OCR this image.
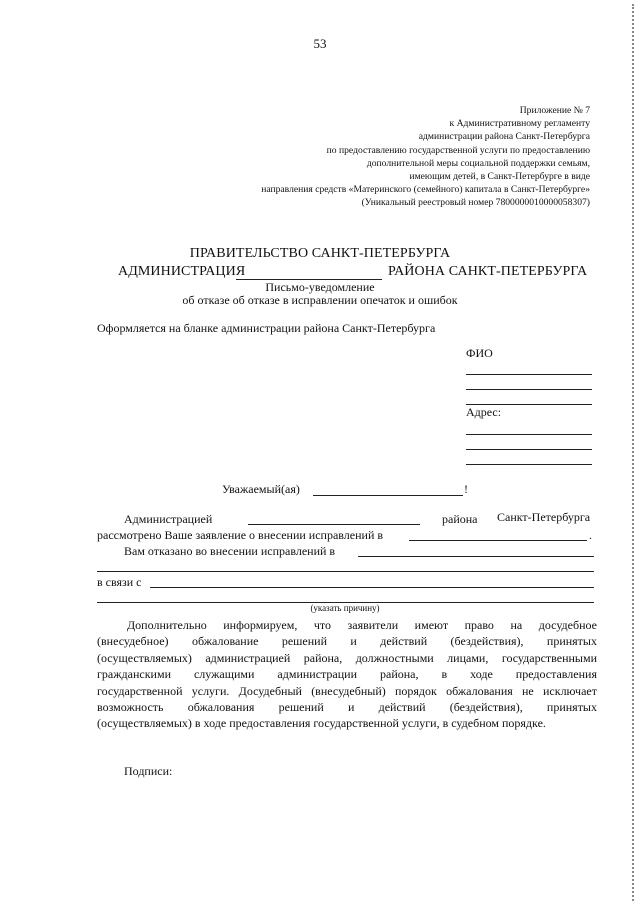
53
Приложение № 7
к Административному регламенту
администрации района Санкт-Петербурга
по предоставлению государственной услуги по предоставлению
дополнительной меры социальной поддержки семьям,
имеющим детей, в Санкт-Петербурге в виде
направления средств «Материнского (семейного) капитала в Санкт-Петербурге»
(Уникальный реестровый номер 7800000010000058307)
ПРАВИТЕЛЬСТВО САНКТ-ПЕТЕРБУРГА
АДМИНИСТРАЦИЯ	РАЙОНА САНКТ-ПЕТЕРБУРГА
Письмо-уведомление
об отказе об отказе в исправлении опечаток и ошибок
Оформляется на бланке администрации района Санкт-Петербурга
ФИО
Адрес:
Уважаемый(ая)	!
Администрацией	района Санкт-Петербурга
рассмотрено Ваше заявление о внесении исправлений в	.
Вам отказано во внесении исправлений в
в связи с
(указать причину)
Дополнительно информируем, что заявители имеют право на досудебное
(внесудебное) обжалование решений и действий (бездействия), принятых
(осуществляемых) администрацией района, должностными лицами, государственными
гражданскими служащими администрации района, в ходе предоставления
государственной услуги. Досудебный (внесудебный) порядок обжалования не исключает
возможность обжалования решений и действий (бездействия), принятых
(осуществляемых) в ходе предоставления государственной услуги, в судебном порядке.
Подписи:
